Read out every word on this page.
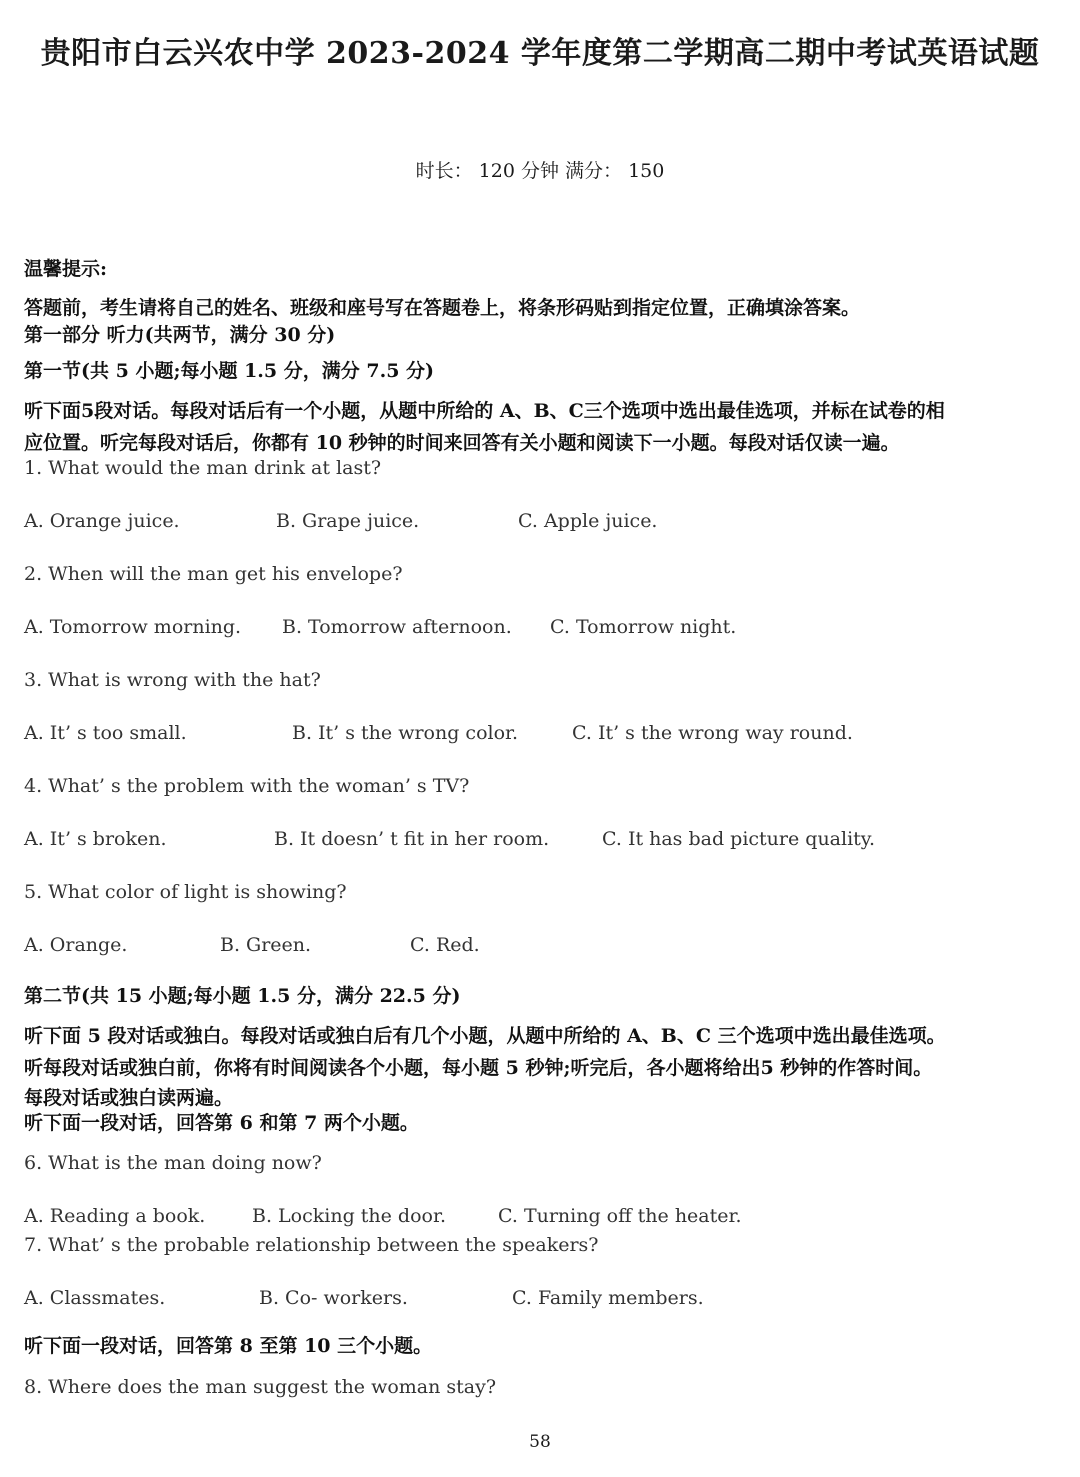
贵阳市白云兴农中学 2023-2024 学年度第二学期高二期中考试英语试题
时长： 120 分钟 满分： 150
温馨提示:
答题前，考生请将自己的姓名、班级和座号写在答题卷上，将条形码贴到指定位置，正确填涂答案。
第一部分 听力(共两节，满分 30 分)
第一节(共 5 小题;每小题 1.5 分，满分 7.5 分)
听下面5段对话。每段对话后有一个小题，从题中所给的 A、B、C三个选项中选出最佳选项，并标在试卷的相
应位置。听完每段对话后，你都有 10 秒钟的时间来回答有关小题和阅读下一小题。每段对话仅读一遍。
1. What would the man drink at last?
A. Orange juice.	B. Grape juice.	C. Apple juice.
2. When will the man get his envelope?
A. Tomorrow morning. B. Tomorrow afternoon. C. Tomorrow night.
3. What is wrong with the hat?
A. It’ s too small.	B. It’ s the wrong color.	C. It’ s the wrong way round.
4. What’ s the problem with the woman’ s TV?
A. It’ s broken.	B. It doesn’ t fit in her room.	C. It has bad picture quality.
5. What color of light is showing?
A. Orange.	B. Green.	C. Red.
第二节(共 15 小题;每小题 1.5 分，满分 22.5 分)
听下面 5 段对话或独白。每段对话或独白后有几个小题，从题中所给的 A、B、C 三个选项中选出最佳选项。
听每段对话或独白前，你将有时间阅读各个小题，每小题 5 秒钟;听完后，各小题将给出5 秒钟的作答时间。
每段对话或独白读两遍。
听下面一段对话，回答第 6 和第 7 两个小题。
6. What is the man doing now?
A. Reading a book. B. Locking the door.	C. Turning off the heater.
7. What’ s the probable relationship between the speakers?
A. Classmates.	B. Co- workers.	C. Family members.
听下面一段对话，回答第 8 至第 10 三个小题。
8. Where does the man suggest the woman stay?
58
